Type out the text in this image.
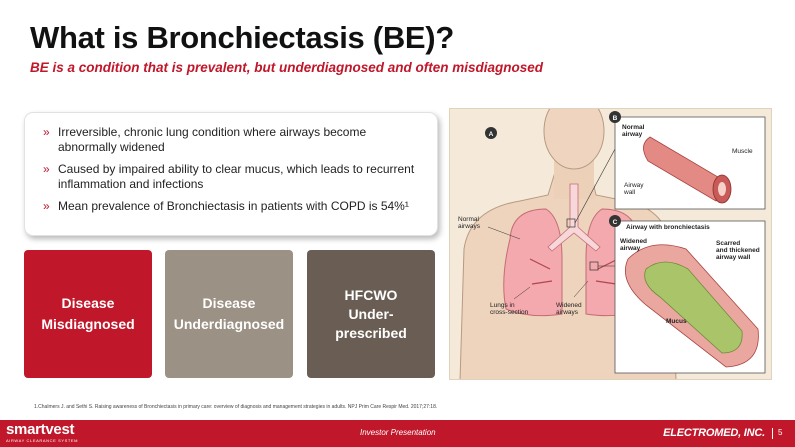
What is Bronchiectasis (BE)?
BE is a condition that is prevalent, but underdiagnosed and often misdiagnosed
» Irreversible, chronic lung condition where airways become abnormally widened
» Caused by impaired ability to clear mucus, which leads to recurrent inflammation and infections
» Mean prevalence of Bronchiectasis in patients with COPD is 54%¹
Disease
Misdiagnosed
Disease
Underdiagnosed
HFCWO
Under-prescribed
A
Normal airways
Lungs in cross-section
Widened airways
B
Normal airway
Muscle
Airway wall
C
Airway with bronchiectasis
Widened airway
Scarred and thickened airway wall
Mucus
1.Chalmers J. and Sethi S. Raising awareness of Bronchiectasis in primary care: overview of diagnosis and management strategies in adults. NPJ Prim Care Respir Med. 2017;27:18.
smartvest
AIRWAY CLEARANCE SYSTEM
Investor Presentation	ELECTROMED, INC. 5
